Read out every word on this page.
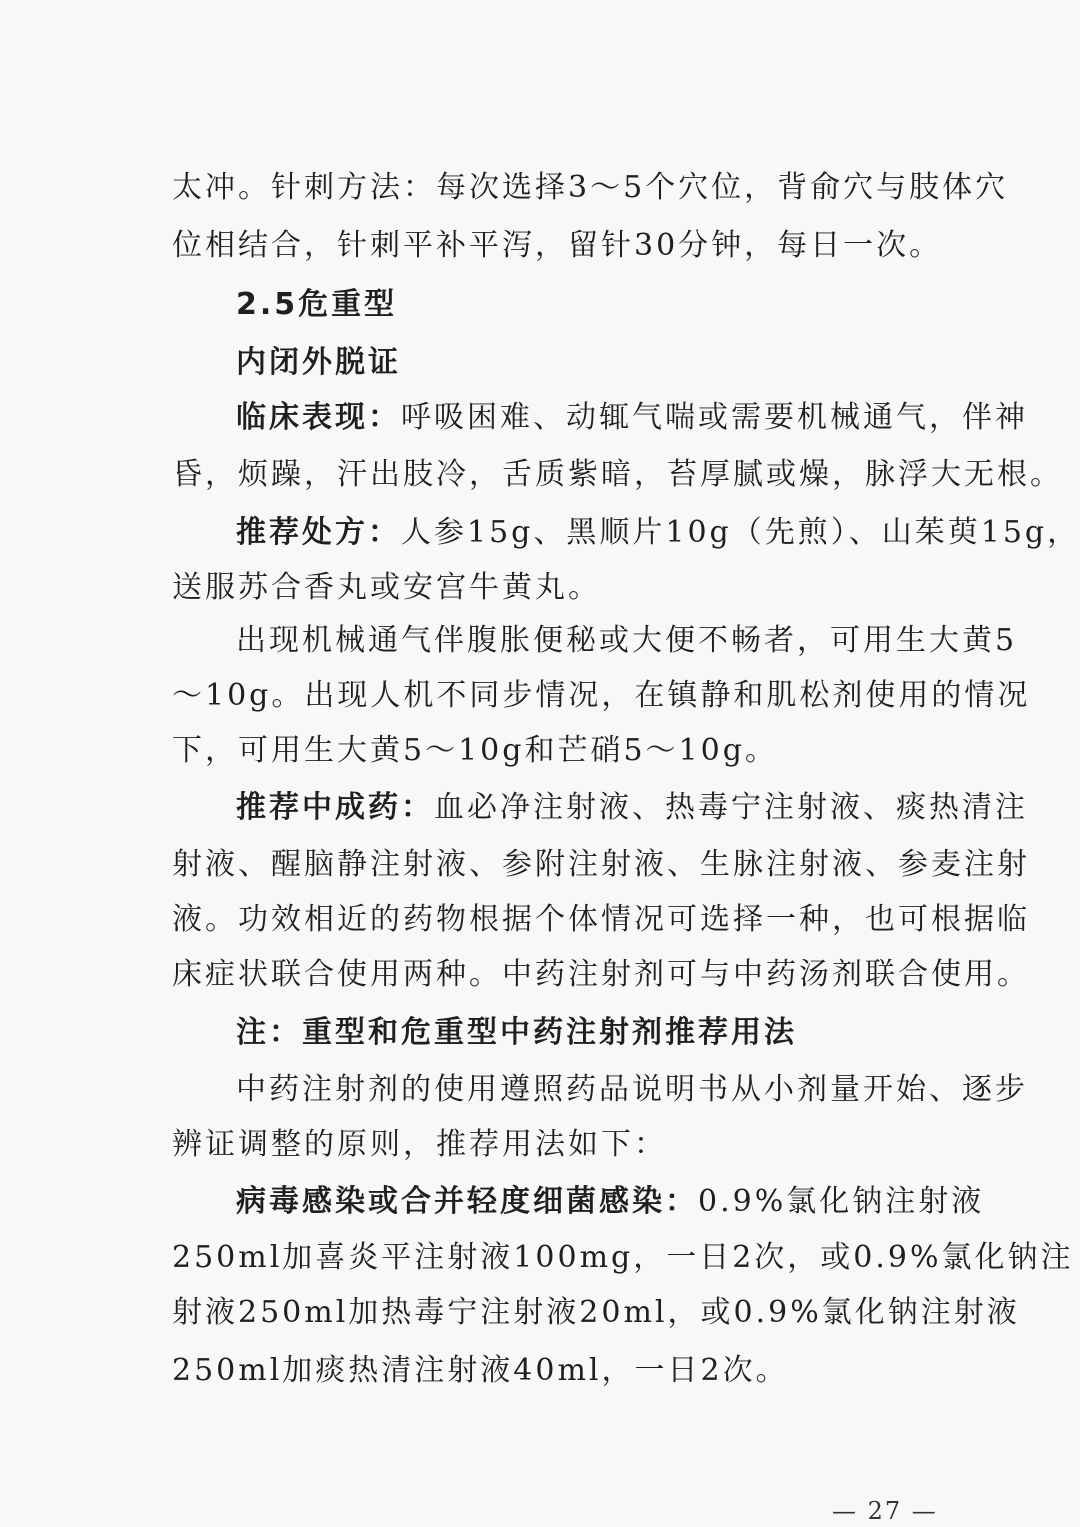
太冲。针刺方法：每次选择3～5个穴位，背俞穴与肢体穴
位相结合，针刺平补平泻，留针30分钟，每日一次。
2.5危重型
内闭外脱证
临床表现：呼吸困难、动辄气喘或需要机械通气，伴神
昏，烦躁，汗出肢冷，舌质紫暗，苔厚腻或燥，脉浮大无根。
推荐处方：人参15g、黑顺片10g（先煎）、山茱萸15g，
送服苏合香丸或安宫牛黄丸。
出现机械通气伴腹胀便秘或大便不畅者，可用生大黄5
～10g。出现人机不同步情况，在镇静和肌松剂使用的情况
下，可用生大黄5～10g和芒硝5～10g。
推荐中成药：血必净注射液、热毒宁注射液、痰热清注
射液、醒脑静注射液、参附注射液、生脉注射液、参麦注射
液。功效相近的药物根据个体情况可选择一种，也可根据临
床症状联合使用两种。中药注射剂可与中药汤剂联合使用。
注：重型和危重型中药注射剂推荐用法
中药注射剂的使用遵照药品说明书从小剂量开始、逐步
辨证调整的原则，推荐用法如下：
病毒感染或合并轻度细菌感染：0.9%氯化钠注射液
250ml加喜炎平注射液100mg，一日2次，或0.9%氯化钠注
射液250ml加热毒宁注射液20ml，或0.9%氯化钠注射液
250ml加痰热清注射液40ml，一日2次。
— 27 —
